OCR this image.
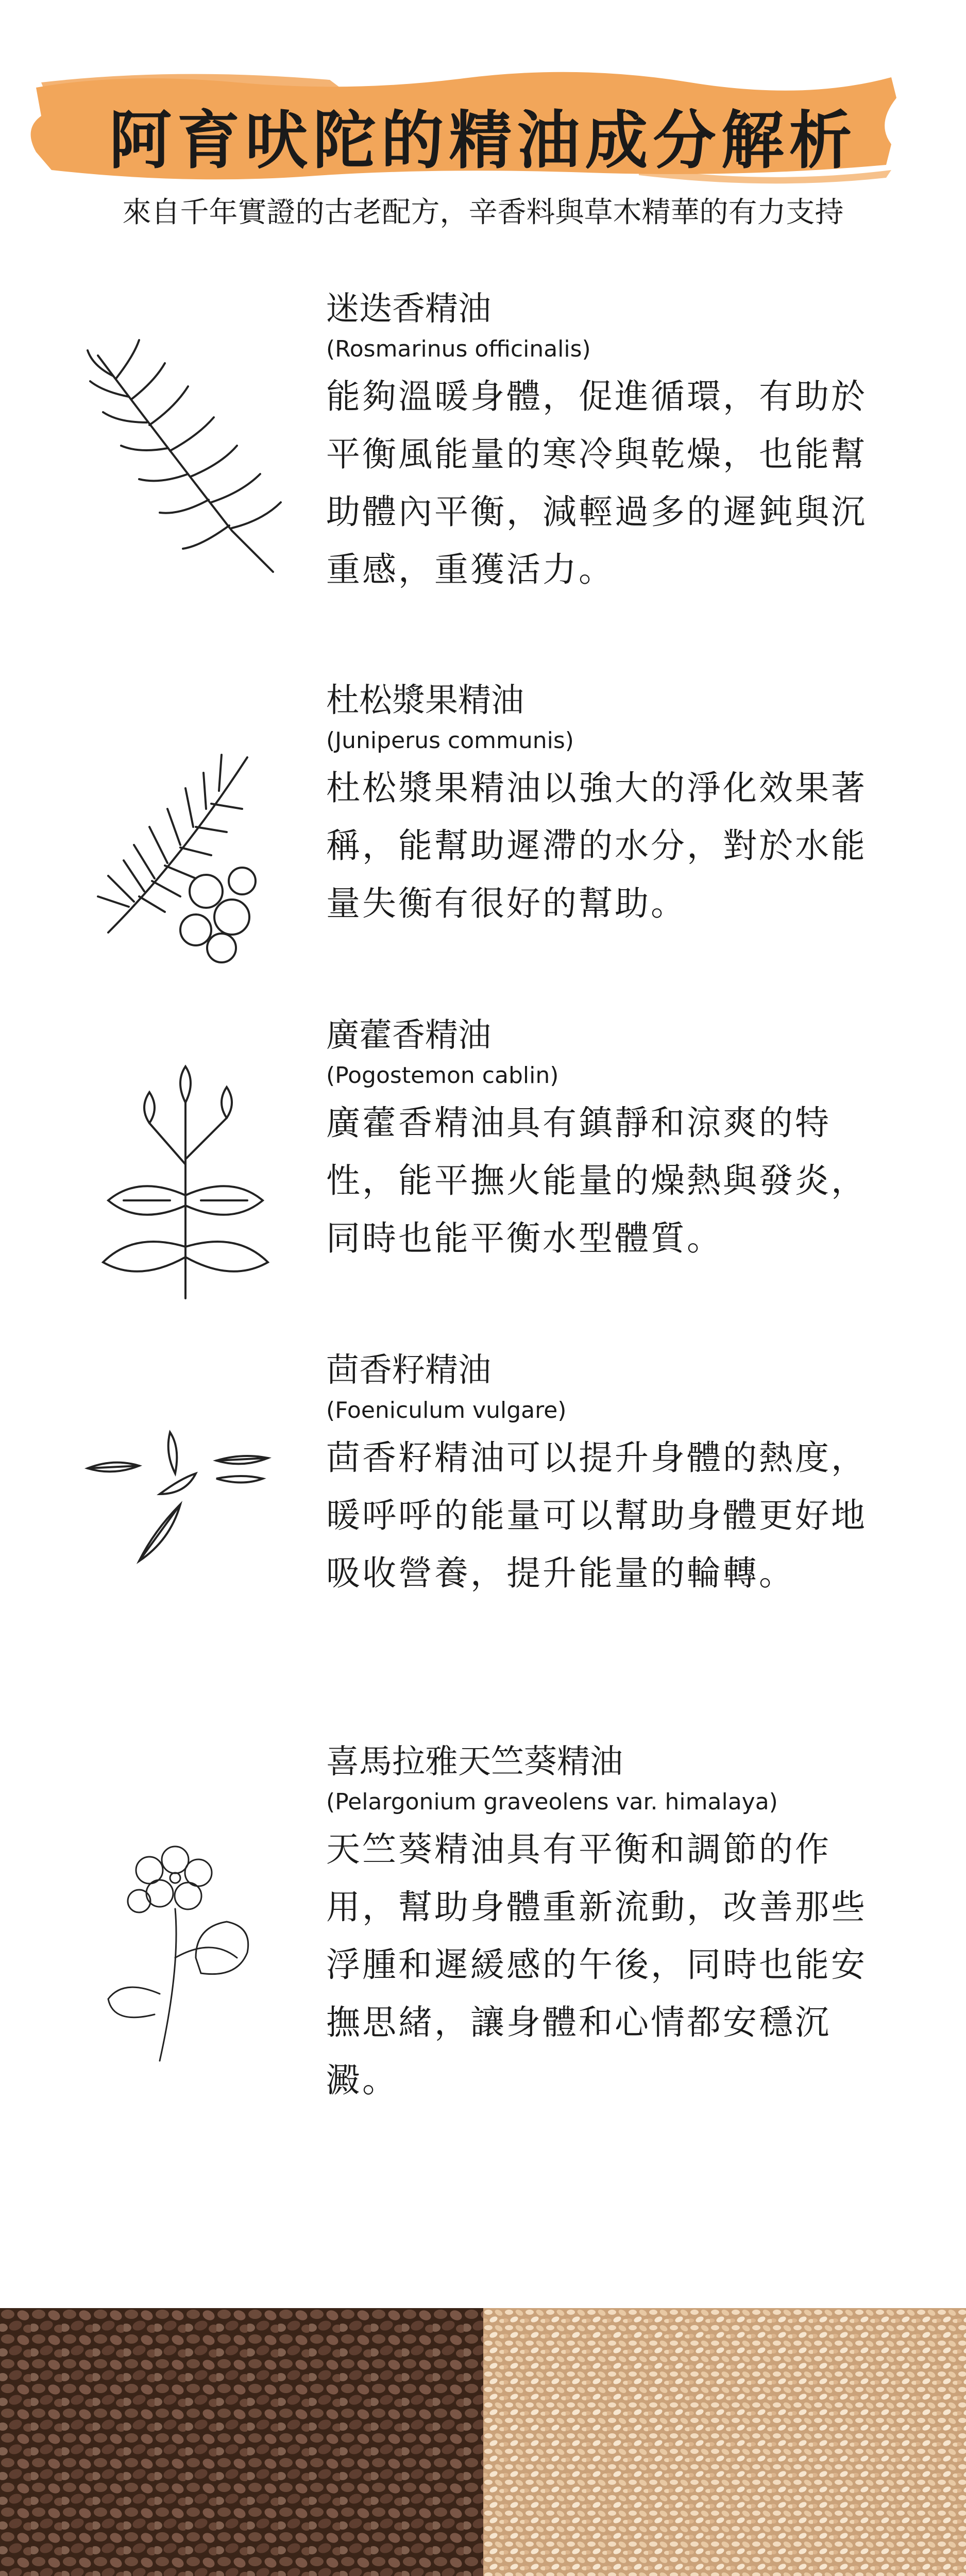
阿育吠陀的精油成分解析

來自千年實證的古老配方，辛香料與草木精華的有力支持

迷迭香精油

(Rosmarinus officinalis)

能夠溫暖身體，促進循環，有助於平衡風能量的寒冷與乾燥，也能幫助體內平衡，減輕過多的遲鈍與沉重感，重獲活力。

杜松漿果精油

(Juniperus communis)

杜松漿果精油以強大的淨化效果著稱，能幫助遲滯的水分，對於水能量失衡有很好的幫助。

廣藿香精油

(Pogostemon cablin)

廣藿香精油具有鎮靜和涼爽的特性，能平撫火能量的燥熱與發炎，同時也能平衡水型體質。

茴香籽精油

(Foeniculum vulgare)

茴香籽精油可以提升身體的熱度，暖呼呼的能量可以幫助身體更好地吸收營養，提升能量的輪轉。

喜馬拉雅天竺葵精油

(Pelargonium graveolens var. himalaya)

天竺葵精油具有平衡和調節的作用，幫助身體重新流動，改善那些浮腫和遲緩感的午後，同時也能安撫思緒，讓身體和心情都安穩沉澱。
